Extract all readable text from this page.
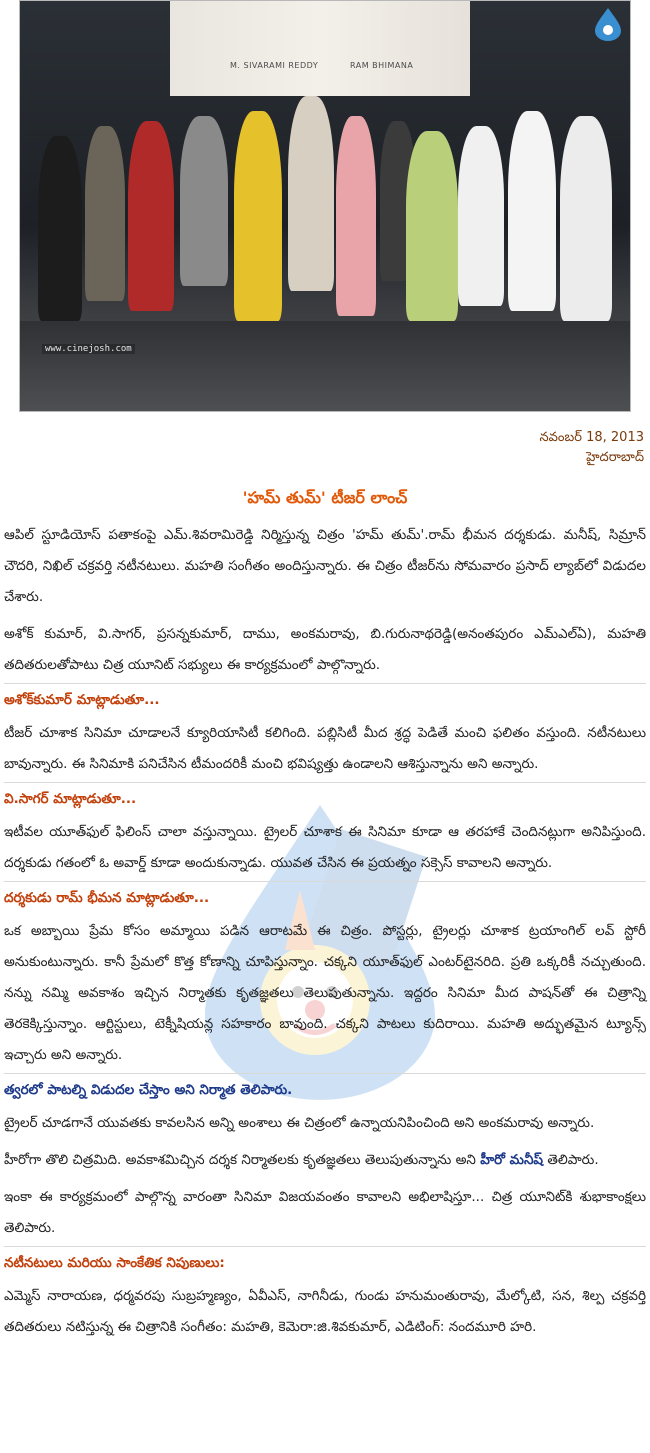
M. SIVARAMI REDDY	RAM BHIMANA
www.cinejosh.com
నవంబర్ 18, 2013
హైదరాబాద్
'హమ్ తుమ్' టీజర్ లాంచ్

ఆపిల్ స్టూడియోస్ పతాకంపై ఎమ్.శివరామిరెడ్డి నిర్మిస్తున్న చిత్రం 'హమ్ తుమ్'.రామ్ భీమన దర్శకుడు. మనీష్, సిమ్రాన్ చౌదరి, నిఖిల్ చక్రవర్తి నటీనటులు. మహతి సంగీతం అందిస్తున్నారు. ఈ చిత్రం టీజర్‌ను సోమవారం ప్రసాద్ ల్యాబ్‌లో విడుదల చేశారు.

అశోక్ కుమార్, వి.సాగర్, ప్రసన్నకుమార్, దాము, అంకమరావు, బి.గురునాథరెడ్డి(అనంతపురం ఎమ్ఎల్ఏ), మహతి తదితరులతోపాటు చిత్ర యూనిట్ సభ్యులు ఈ కార్యక్రమంలో పాల్గొన్నారు.

అశోక్‌కుమార్ మాట్లాడుతూ...

టీజర్ చూశాక సినిమా చూడాలనే క్యూరియాసిటీ కలిగింది. పబ్లిసిటీ మీద శ్రద్ధ పెడితే మంచి ఫలితం వస్తుంది. నటీనటులు బావున్నారు. ఈ సినిమాకి పనిచేసిన టీమందరికీ మంచి భవిష్యత్తు ఉండాలని ఆశిస్తున్నాను అని అన్నారు.

వి.సాగర్ మాట్లాడుతూ...

ఇటీవల యూత్‌ఫుల్ ఫిలింస్ చాలా వస్తున్నాయి. ట్రైలర్ చూశాక ఈ సినిమా కూడా ఆ తరహాకే చెందినట్లుగా అనిపిస్తుంది. దర్శకుడు గతంలో ఓ అవార్డ్ కూడా అందుకున్నాడు. యువత చేసిన ఈ ప్రయత్నం సక్సెస్ కావాలని అన్నారు.

దర్శకుడు రామ్ భీమన మాట్లాడుతూ...

ఒక అబ్బాయి ప్రేమ కోసం అమ్మాయి పడిన ఆరాటమే ఈ చిత్రం. పోస్టర్లు, ట్రైలర్లు చూశాక ట్రయాంగిల్ లవ్ స్టోరీ అనుకుంటున్నారు. కానీ ప్రేమలో కొత్త కోణాన్ని చూపిస్తున్నాం. చక్కని యూత్‌ఫుల్ ఎంటర్‌టైనరిది. ప్రతి ఒక్కరికీ నచ్చుతుంది. నన్ను నమ్మి అవకాశం ఇచ్చిన నిర్మాతకు కృతజ్ఞతలు తెలుపుతున్నాను. ఇద్దరం సినిమా మీద పాషన్‌తో ఈ చిత్రాన్ని తెరకెక్కిస్తున్నాం. ఆర్టిస్టులు, టెక్నీషియన్ల సహకారం బావుంది. చక్కని పాటలు కుదిరాయి. మహతి అద్భుతమైన ట్యూన్స్ ఇచ్చారు అని అన్నారు.

త్వరలో పాటల్ని విడుదల చేస్తాం అని నిర్మాత తెలిపారు.

ట్రైలర్ చూడగానే యువతకు కావలసిన అన్ని అంశాలు ఈ చిత్రంలో ఉన్నాయనిపించింది అని అంకమరావు అన్నారు.

హీరోగా తొలి చిత్రమిది. అవకాశమిచ్చిన దర్శక నిర్మాతలకు కృతజ్ఞతలు తెలుపుతున్నాను అని హీరో మనీష్ తెలిపారు.

ఇంకా ఈ కార్యక్రమంలో పాల్గొన్న వారంతా సినిమా విజయవంతం కావాలని అభిలాషిస్తూ... చిత్ర యూనిట్‌కి శుభాకాంక్షలు తెలిపారు.

నటీనటులు మరియు సాంకేతిక నిపుణులు:

ఎమ్మెస్ నారాయణ, ధర్మవరపు సుబ్రహ్మణ్యం, ఏవీఎస్, నాగినీడు, గుండు హనుమంతురావు, మేల్కోటి, సన, శిల్ప చక్రవర్తి తదితరులు నటిస్తున్న ఈ చిత్రానికి సంగీతం: మహతి, కెమెరా:జి.శివకుమార్, ఎడిటింగ్: నందమూరి హరి.
